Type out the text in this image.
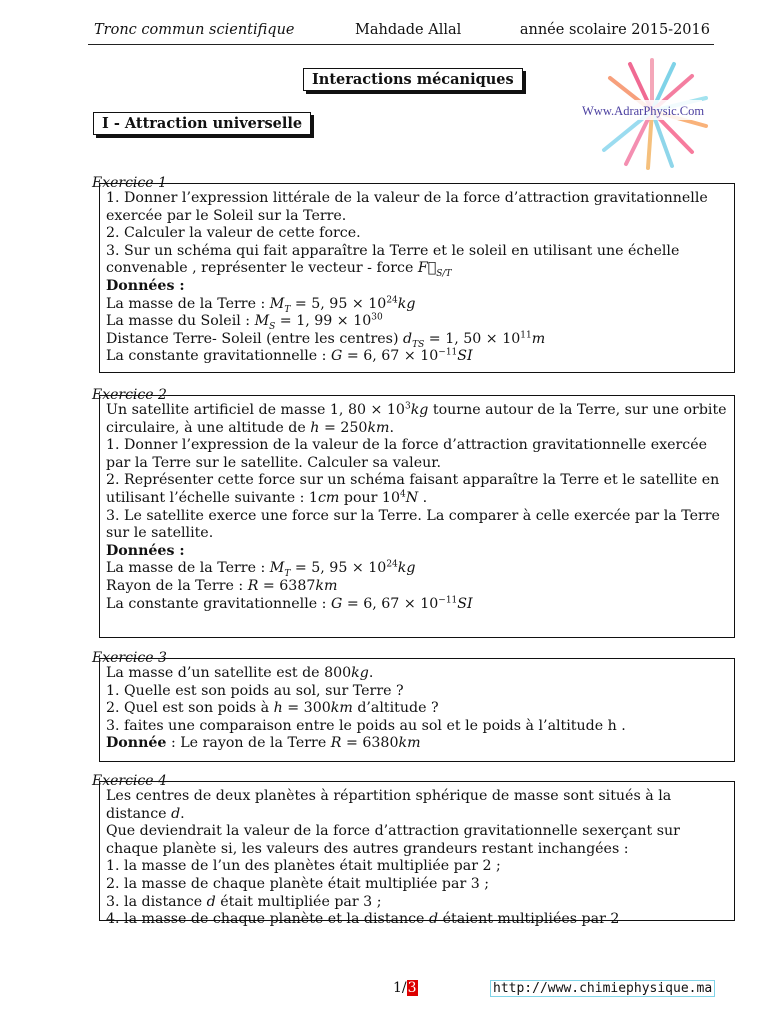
Tronc commun scientifique	Mahdade Allal	année scolaire 2015-2016
Interactions mécaniques
I - Attraction universelle
Www.AdrarPhysic.Com
Exercice 1

1. Donner l’expression littérale de la valeur de la force d’attraction gravitationnelle exercée par le Soleil sur la Terre.

2. Calculer la valeur de cette force.

3. Sur un schéma qui fait apparaître la Terre et le soleil en utilisant une échelle convenable , représenter le vecteur - force $F⃗_{S/T}$

Données :

La masse de la Terre : $M_T = 5$, $95 \times 10^{24}kg$

La masse du Soleil : $M_S = 1$, $99 \times 10^{30}$

Distance Terre- Soleil (entre les centres) $d_{TS} = 1$, $50 \times 10^{11}m$

La constante gravitationnelle : G = 6, $67 \times 10^{-11}SI$

Exercice 2

Un satellite artificiel de masse 1, $80 \times 10^3kg$ tourne autour de la Terre, sur une orbite circulaire, à une altitude de h = 250km.

1. Donner l’expression de la valeur de la force d’attraction gravitationnelle exercée par la Terre sur le satellite. Calculer sa valeur.

2. Représenter cette force sur un schéma faisant apparaître la Terre et le satellite en utilisant l’échelle suivante : 1cm pour $10^4N$ .

3. Le satellite exerce une force sur la Terre. La comparer à celle exercée par la Terre sur le satellite.

Données :

La masse de la Terre : $M_T = 5$, $95 \times 10^{24}kg$

Rayon de la Terre : R = 6387km

La constante gravitationnelle : G = 6, $67 \times 10^{-11}SI$

Exercice 3

La masse d’un satellite est de 800kg.

1. Quelle est son poids au sol, sur Terre ?

2. Quel est son poids à h = 300km d’altitude ?

3. faites une comparaison entre le poids au sol et le poids à l’altitude h .

Donnée : Le rayon de la Terre R = 6380km

Exercice 4

Les centres de deux planètes à répartition sphérique de masse sont situés à la distance d.

Que deviendrait la valeur de la force d’attraction gravitationnelle sexerçant sur chaque planète si, les valeurs des autres grandeurs restant inchangées :

1. la masse de l’un des planètes était multipliée par 2 ;

2. la masse de chaque planète était multipliée par 3 ;

3. la distance d était multipliée par 3 ;

4. la masse de chaque planète et la distance d étaient multipliées par 2

1/3	http://www.chimiephysique.ma
